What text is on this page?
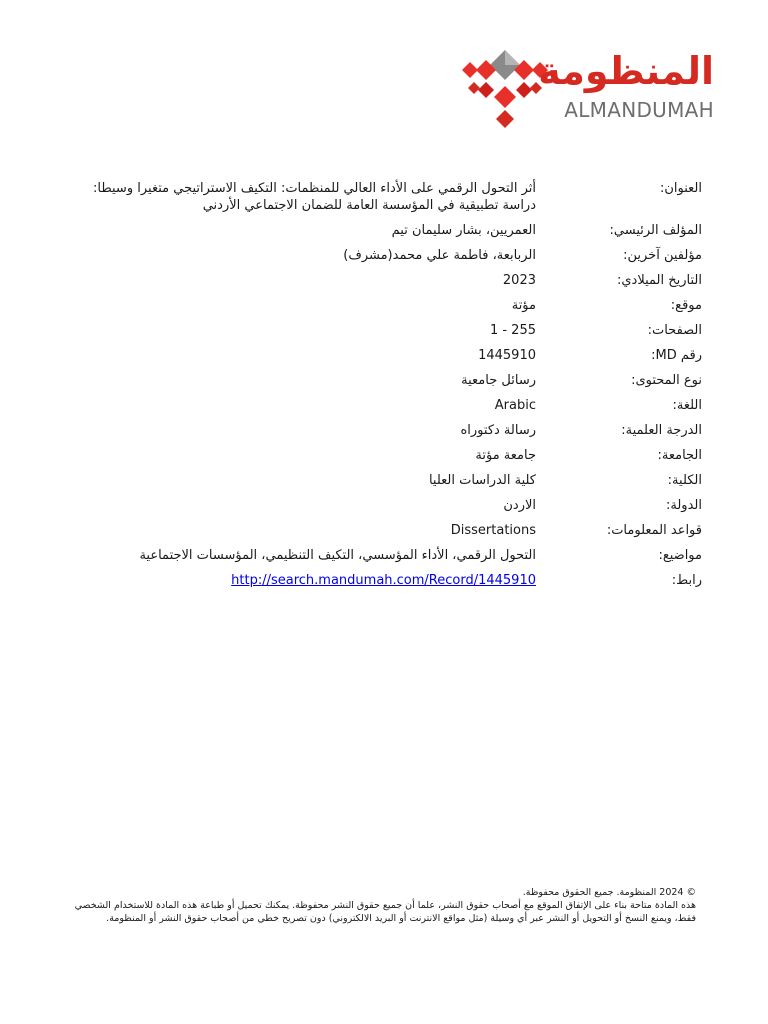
المنظومة
ALMANDUMAH
العنوان:
أثر التحول الرقمي على الأداء العالي للمنظمات: التكيف الاستراتيجي متغيرا وسيطا: دراسة تطبيقية في المؤسسة العامة للضمان الاجتماعي الأردني
المؤلف الرئيسي:
العمريين، بشار سليمان تيم
مؤلفين آخرين:
الربابعة، فاطمة علي محمد(مشرف)
التاريخ الميلادي:
2023
موقع:
مؤتة
الصفحات:
1 - 255
رقم MD:
1445910
نوع المحتوى:
رسائل جامعية
اللغة:
Arabic
الدرجة العلمية:
رسالة دكتوراه
الجامعة:
جامعة مؤتة
الكلية:
كلية الدراسات العليا
الدولة:
الاردن
قواعد المعلومات:
Dissertations
مواضيع:
التحول الرقمي، الأداء المؤسسي، التكيف التنظيمي، المؤسسات الاجتماعية
رابط:
http://search.mandumah.com/Record/1445910

© 2024 المنظومة. جميع الحقوق محفوظة.

هذه المادة متاحة بناء على الإتفاق الموقع مع أصحاب حقوق النشر، علما أن جميع حقوق النشر محفوظة. يمكنك تحميل أو طباعة هذه المادة للاستخدام الشخصي فقط، ويمنع النسخ أو التحويل أو النشر عبر أي وسيلة (مثل مواقع الانترنت أو البريد الالكتروني) دون تصريح خطي من أصحاب حقوق النشر أو المنظومة.
